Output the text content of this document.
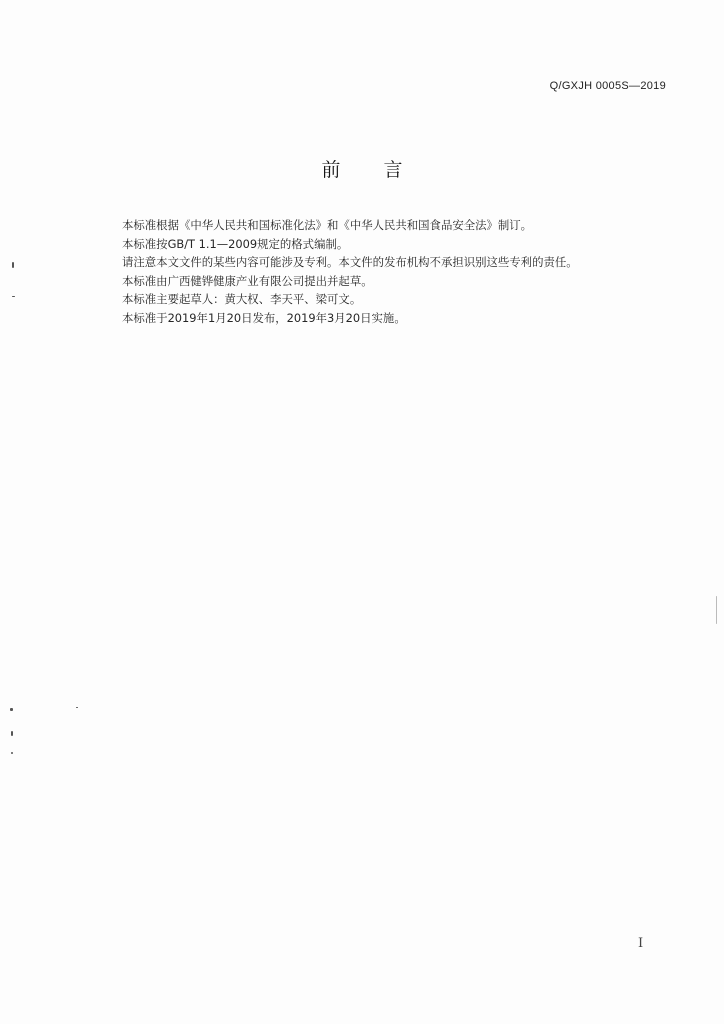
Q/GXJH 0005S—2019
前 言
本标准根据《中华人民共和国标准化法》和《中华人民共和国食品安全法》制订。
本标准按GB/T 1.1—2009规定的格式编制。
请注意本文文件的某些内容可能涉及专利。本文件的发布机构不承担识别这些专利的责任。
本标准由广西健铧健康产业有限公司提出并起草。
本标准主要起草人：黄大权、李天平、梁可文。
本标准于2019年1月20日发布，2019年3月20日实施。
I
